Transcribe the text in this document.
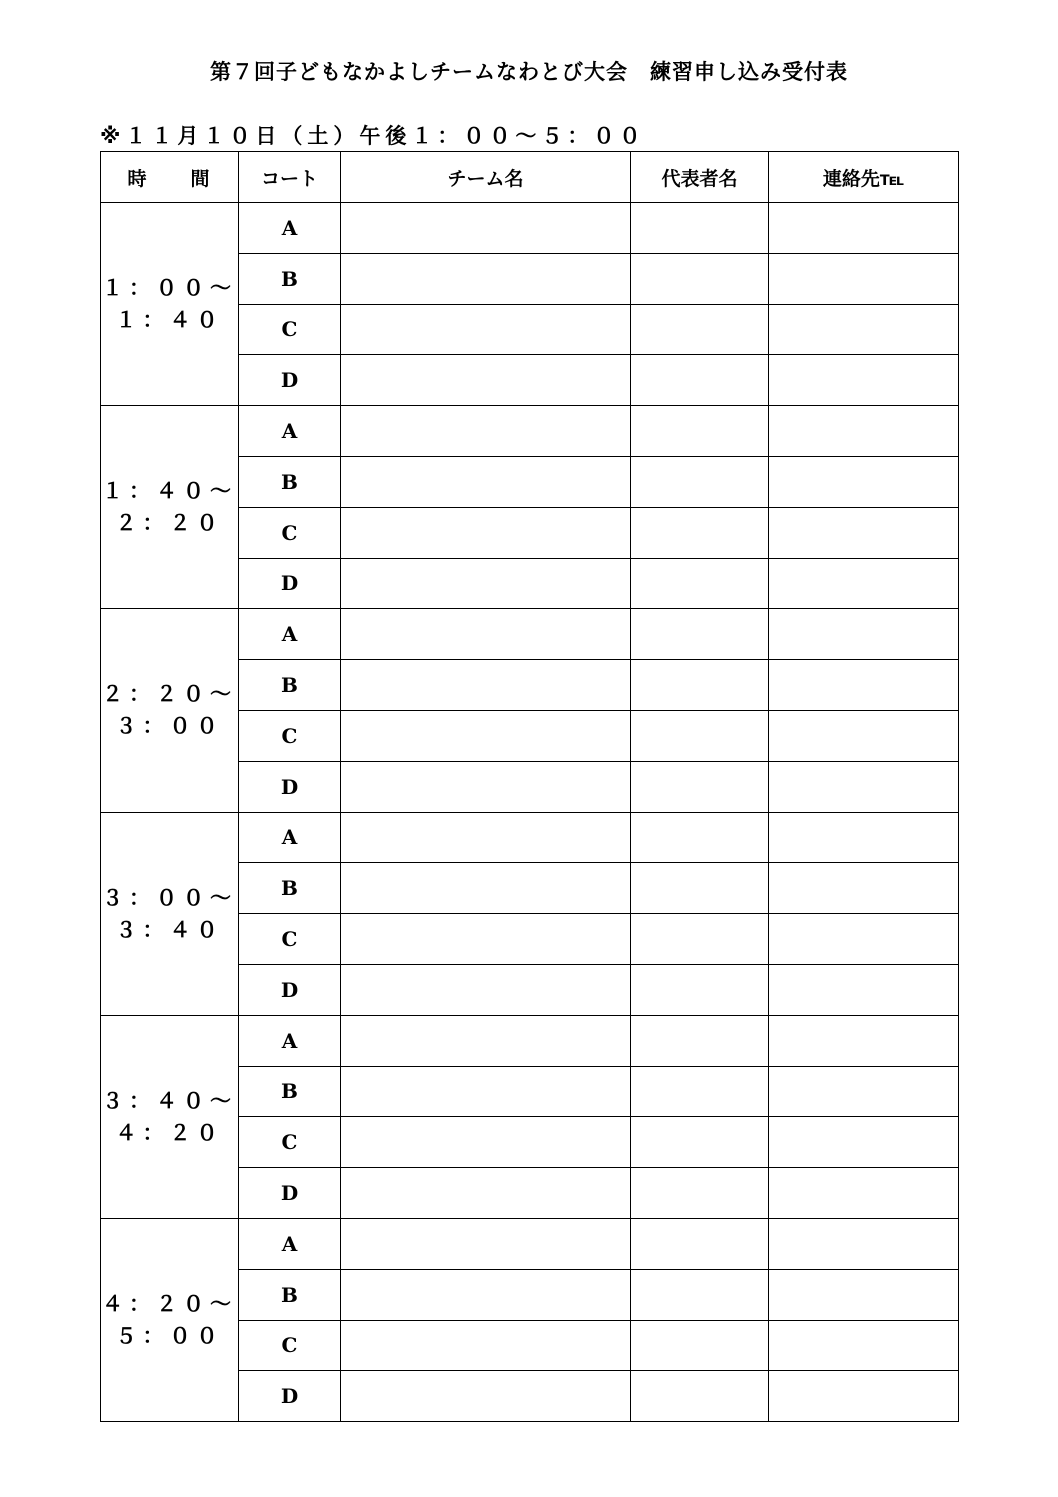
第７回子どもなかよしチームなわとび大会　練習申し込み受付表
※１１月１０日（土）午後１：００～５：００
時　　間	コート	チーム名	代表者名	連絡先℡

１：００～
１：４０	A			
	B			
	C			
	D			

１：４０～
２：２０	A			
	B			
	C			
	D			

２：２０～
３：００	A			
	B			
	C			
	D			

３：００～
３：４０	A			
	B			
	C			
	D			

３：４０～
４：２０	A			
	B			
	C			
	D			

４：２０～
５：００	A			
	B			
	C			
	D			
